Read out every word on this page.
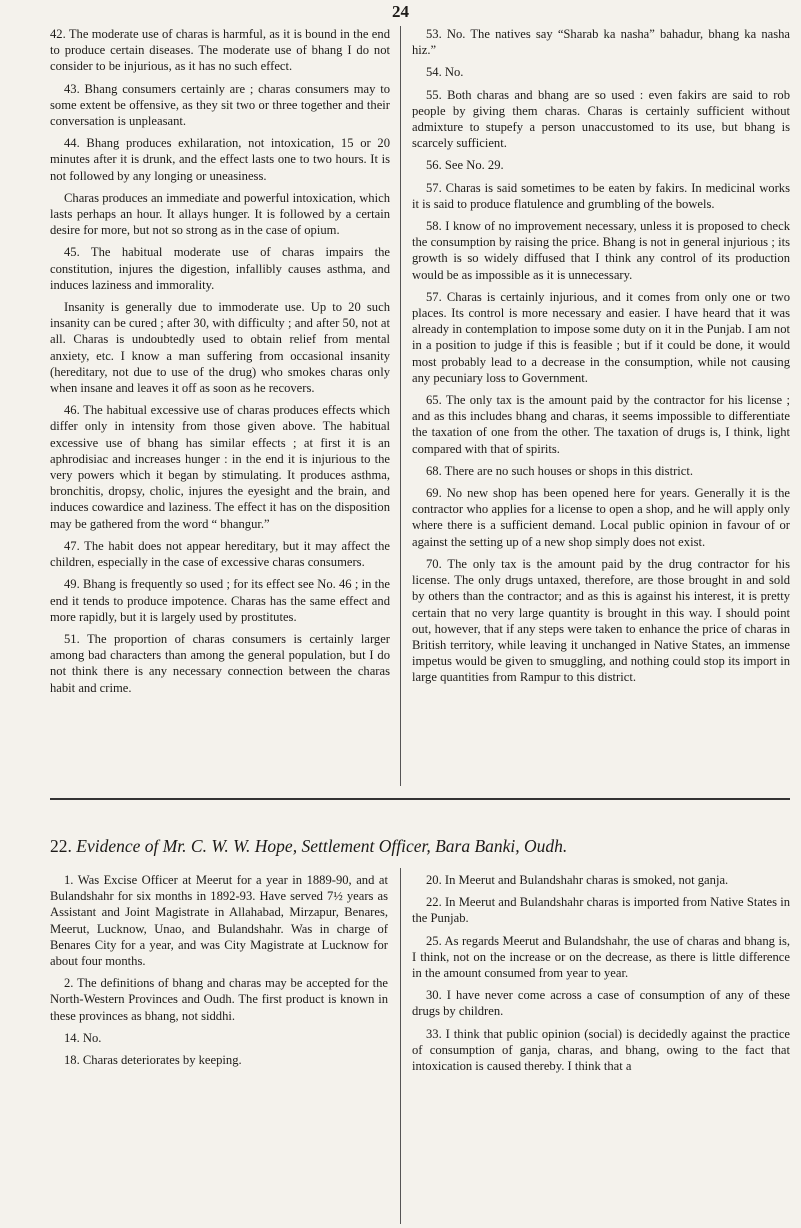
24

42. The moderate use of charas is harmful, as it is bound in the end to produce certain diseases. The moderate use of bhang I do not consider to be injurious, as it has no such effect.

43. Bhang consumers certainly are ; charas consumers may to some extent be offensive, as they sit two or three together and their conversation is unpleasant.

44. Bhang produces exhilaration, not intoxication, 15 or 20 minutes after it is drunk, and the effect lasts one to two hours. It is not followed by any longing or uneasiness.

Charas produces an immediate and powerful intoxication, which lasts perhaps an hour. It allays hunger. It is followed by a certain desire for more, but not so strong as in the case of opium.

45. The habitual moderate use of charas impairs the constitution, injures the digestion, infallibly causes asthma, and induces laziness and immorality.

Insanity is generally due to immoderate use. Up to 20 such insanity can be cured ; after 30, with difficulty ; and after 50, not at all. Charas is undoubtedly used to obtain relief from mental anxiety, etc. I know a man suffering from occasional insanity (hereditary, not due to use of the drug) who smokes charas only when insane and leaves it off as soon as he recovers.

46. The habitual excessive use of charas produces effects which differ only in intensity from those given above. The habitual excessive use of bhang has similar effects ; at first it is an aphrodisiac and increases hunger : in the end it is injurious to the very powers which it began by stimulating. It produces asthma, bronchitis, dropsy, cholic, injures the eyesight and the brain, and induces cowardice and laziness. The effect it has on the disposition may be gathered from the word “ bhangur.”

47. The habit does not appear hereditary, but it may affect the children, especially in the case of excessive charas consumers.

49. Bhang is frequently so used ; for its effect see No. 46 ; in the end it tends to produce impotence. Charas has the same effect and more rapidly, but it is largely used by prostitutes.

51. The proportion of charas consumers is certainly larger among bad characters than among the general population, but I do not think there is any necessary connection between the charas habit and crime.

53. No. The natives say “Sharab ka nasha” bahadur, bhang ka nasha hiz.”

54. No.

55. Both charas and bhang are so used : even fakirs are said to rob people by giving them charas. Charas is certainly sufficient without admixture to stupefy a person unaccustomed to its use, but bhang is scarcely sufficient.

56. See No. 29.

57. Charas is said sometimes to be eaten by fakirs. In medicinal works it is said to produce flatulence and grumbling of the bowels.

58. I know of no improvement necessary, unless it is proposed to check the consumption by raising the price. Bhang is not in general injurious ; its growth is so widely diffused that I think any control of its production would be as impossible as it is unnecessary.

57. Charas is certainly injurious, and it comes from only one or two places. Its control is more necessary and easier. I have heard that it was already in contemplation to impose some duty on it in the Punjab. I am not in a position to judge if this is feasible ; but if it could be done, it would most probably lead to a decrease in the consumption, while not causing any pecuniary loss to Government.

65. The only tax is the amount paid by the contractor for his license ; and as this includes bhang and charas, it seems impossible to differentiate the taxation of one from the other. The taxation of drugs is, I think, light compared with that of spirits.

68. There are no such houses or shops in this district.

69. No new shop has been opened here for years. Generally it is the contractor who applies for a license to open a shop, and he will apply only where there is a sufficient demand. Local public opinion in favour of or against the setting up of a new shop simply does not exist.

70. The only tax is the amount paid by the drug contractor for his license. The only drugs untaxed, therefore, are those brought in and sold by others than the contractor; and as this is against his interest, it is pretty certain that no very large quantity is brought in this way. I should point out, however, that if any steps were taken to enhance the price of charas in British territory, while leaving it unchanged in Native States, an immense impetus would be given to smuggling, and nothing could stop its import in large quantities from Rampur to this district.

22. Evidence of Mr. C. W. W. Hope, Settlement Officer, Bara Banki, Oudh.

1. Was Excise Officer at Meerut for a year in 1889-90, and at Bulandshahr for six months in 1892-93. Have served 7½ years as Assistant and Joint Magistrate in Allahabad, Mirzapur, Benares, Meerut, Lucknow, Unao, and Bulandshahr. Was in charge of Benares City for a year, and was City Magistrate at Lucknow for about four months.

2. The definitions of bhang and charas may be accepted for the North-Western Provinces and Oudh. The first product is known in these provinces as bhang, not siddhi.

14. No.

18. Charas deteriorates by keeping.

20. In Meerut and Bulandshahr charas is smoked, not ganja.

22. In Meerut and Bulandshahr charas is imported from Native States in the Punjab.

25. As regards Meerut and Bulandshahr, the use of charas and bhang is, I think, not on the increase or on the decrease, as there is little difference in the amount consumed from year to year.

30. I have never come across a case of consumption of any of these drugs by children.

33. I think that public opinion (social) is decidedly against the practice of consumption of ganja, charas, and bhang, owing to the fact that intoxication is caused thereby. I think that a
